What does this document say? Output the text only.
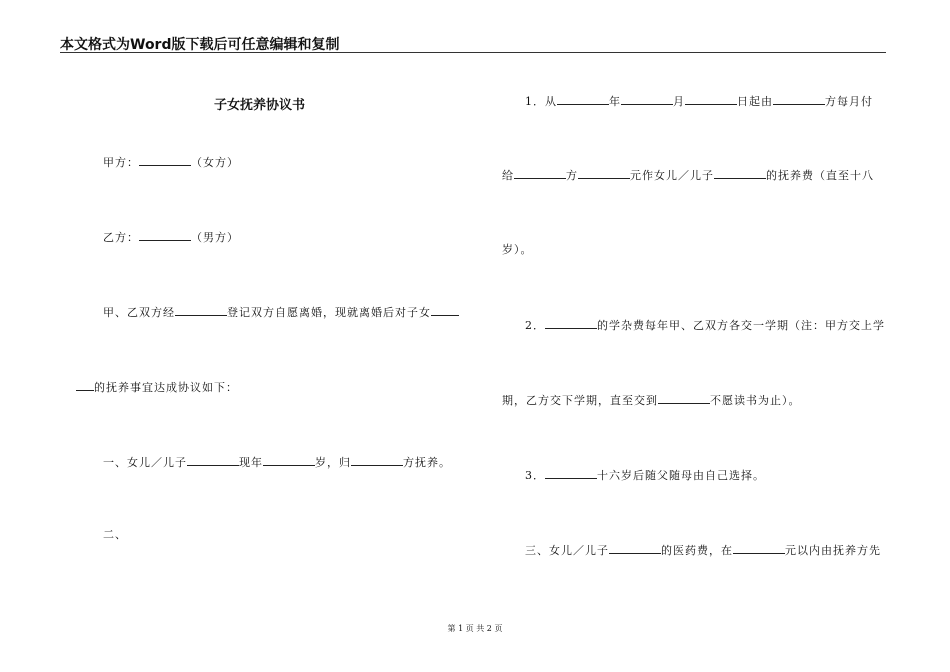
本文格式为Word版下载后可任意编辑和复制
子女抚养协议书
甲方：	（女方）
乙方：	（男方）
甲、乙双方经	登记双方自愿离婚，现就离婚后对子女
的抚养事宜达成协议如下：
一、女儿／儿子	现年	岁，归	方抚养。
二、
1．从	年	月	日起由	方每月付
给	方	元作女儿／儿子	的抚养费（直至十八
岁）。
2．	的学杂费每年甲、乙双方各交一学期（注：甲方交上学
期，乙方交下学期，直至交到	不愿读书为止）。
3．	十六岁后随父随母由自己选择。
三、女儿／儿子	的医药费，在	元以内由抚养方先
第 1 页 共 2 页
